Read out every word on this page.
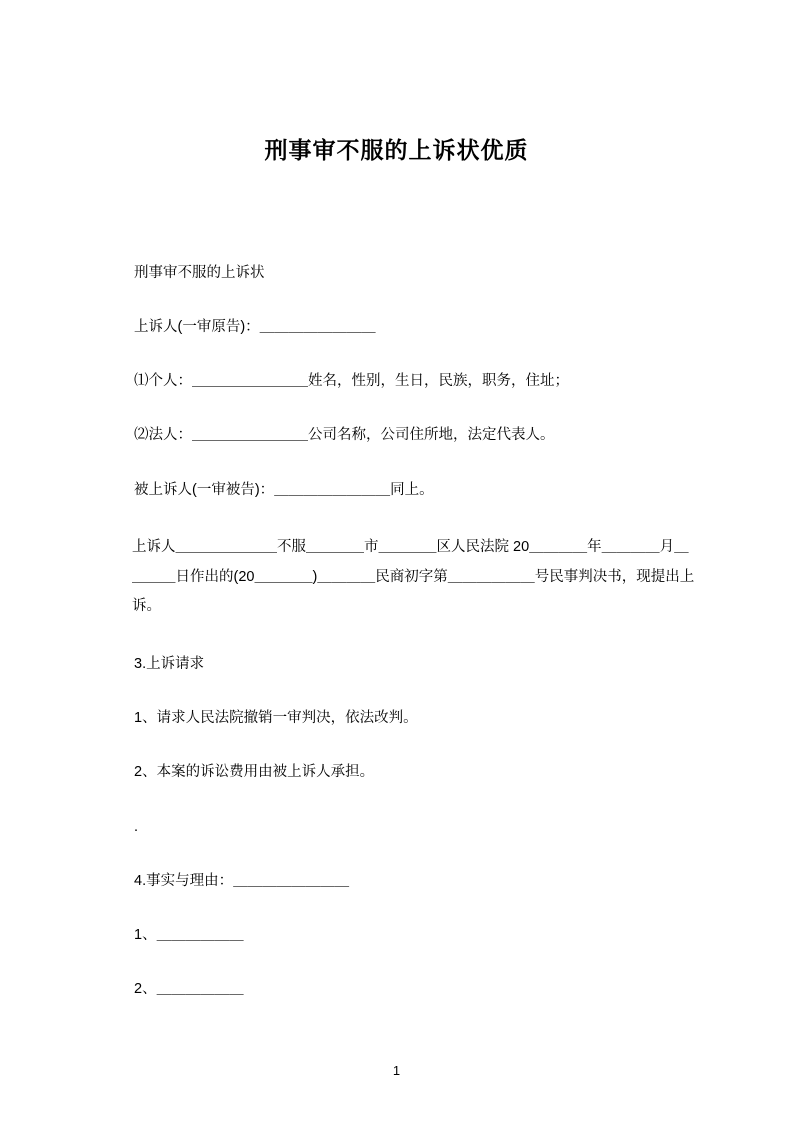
刑事审不服的上诉状优质

刑事审不服的上诉状

上诉人(一审原告)：＿＿＿＿＿＿＿＿

⑴个人：＿＿＿＿＿＿＿＿姓名，性别，生日，民族，职务，住址；

⑵法人：＿＿＿＿＿＿＿＿公司名称，公司住所地，法定代表人。

被上诉人(一审被告)：＿＿＿＿＿＿＿＿同上。

上诉人＿＿＿＿＿＿＿不服＿＿＿＿市＿＿＿＿区人民法院 20＿＿＿＿年＿＿＿＿月＿＿＿＿日作出的(20＿＿＿＿)＿＿＿＿民商初字第＿＿＿＿＿＿号民事判决书，现提出上诉。

3.上诉请求

1、请求人民法院撤销一审判决，依法改判。

2、本案的诉讼费用由被上诉人承担。

.

4.事实与理由：＿＿＿＿＿＿＿＿

1、＿＿＿＿＿＿

2、＿＿＿＿＿＿

1
